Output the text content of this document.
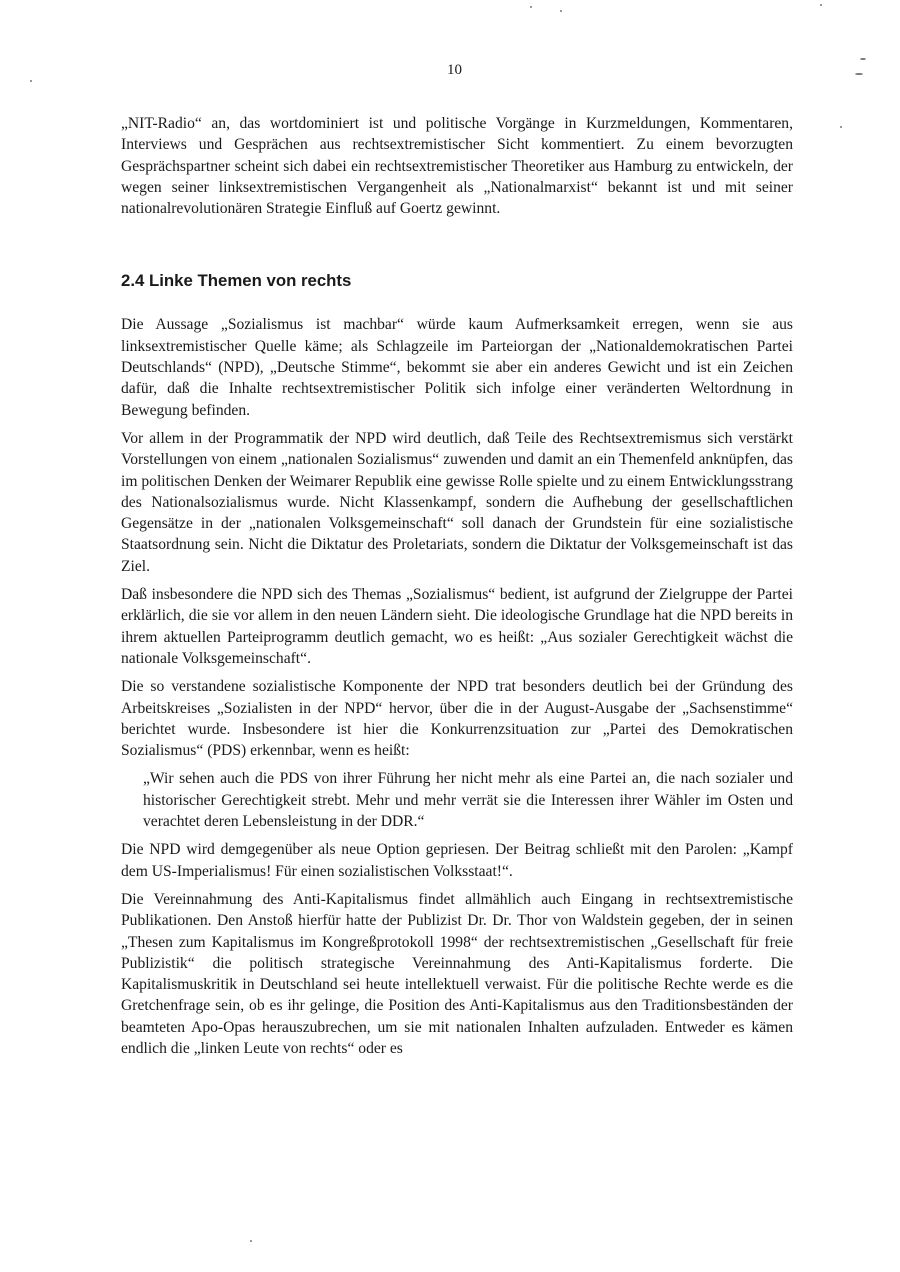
10

„NIT-Radio“ an, das wortdominiert ist und politische Vorgänge in Kurzmeldungen, Kommentaren, Interviews und Gesprächen aus rechtsextremistischer Sicht kommentiert. Zu einem bevorzugten Gesprächspartner scheint sich dabei ein rechtsextremistischer Theoretiker aus Hamburg zu entwickeln, der wegen seiner linksextremistischen Vergangenheit als „Nationalmarxist“ bekannt ist und mit seiner nationalrevolutionären Strategie Einfluß auf Goertz gewinnt.

2.4 Linke Themen von rechts

Die Aussage „Sozialismus ist machbar“ würde kaum Aufmerksamkeit erregen, wenn sie aus linksextremistischer Quelle käme; als Schlagzeile im Parteiorgan der „Nationaldemokratischen Partei Deutschlands“ (NPD), „Deutsche Stimme“, bekommt sie aber ein anderes Gewicht und ist ein Zeichen dafür, daß die Inhalte rechtsextremistischer Politik sich infolge einer veränderten Weltordnung in Bewegung befinden.

Vor allem in der Programmatik der NPD wird deutlich, daß Teile des Rechtsextremismus sich verstärkt Vorstellungen von einem „nationalen Sozialismus“ zuwenden und damit an ein Themenfeld anknüpfen, das im politischen Denken der Weimarer Republik eine gewisse Rolle spielte und zu einem Entwicklungsstrang des Nationalsozialismus wurde. Nicht Klassenkampf, sondern die Aufhebung der gesellschaftlichen Gegensätze in der „nationalen Volksgemeinschaft“ soll danach der Grundstein für eine sozialistische Staatsordnung sein. Nicht die Diktatur des Proletariats, sondern die Diktatur der Volksgemeinschaft ist das Ziel.

Daß insbesondere die NPD sich des Themas „Sozialismus“ bedient, ist aufgrund der Zielgruppe der Partei erklärlich, die sie vor allem in den neuen Ländern sieht. Die ideologische Grundlage hat die NPD bereits in ihrem aktuellen Parteiprogramm deutlich gemacht, wo es heißt: „Aus sozialer Gerechtigkeit wächst die nationale Volksgemeinschaft“.

Die so verstandene sozialistische Komponente der NPD trat besonders deutlich bei der Gründung des Arbeitskreises „Sozialisten in der NPD“ hervor, über die in der August-Ausgabe der „Sachsenstimme“ berichtet wurde. Insbesondere ist hier die Konkurrenzsituation zur „Partei des Demokratischen Sozialismus“ (PDS) erkennbar, wenn es heißt:

„Wir sehen auch die PDS von ihrer Führung her nicht mehr als eine Partei an, die nach sozialer und historischer Gerechtigkeit strebt. Mehr und mehr verrät sie die Interessen ihrer Wähler im Osten und verachtet deren Lebensleistung in der DDR.“

Die NPD wird demgegenüber als neue Option gepriesen. Der Beitrag schließt mit den Parolen: „Kampf dem US-Imperialismus! Für einen sozialistischen Volksstaat!“.

Die Vereinnahmung des Anti-Kapitalismus findet allmählich auch Eingang in rechtsextremistische Publikationen. Den Anstoß hierfür hatte der Publizist Dr. Dr. Thor von Waldstein gegeben, der in seinen „Thesen zum Kapitalismus im Kongreßprotokoll 1998“ der rechtsextremistischen „Gesellschaft für freie Publizistik“ die politisch strategische Vereinnahmung des Anti-Kapitalismus forderte. Die Kapitalismuskritik in Deutschland sei heute intellektuell verwaist. Für die politische Rechte werde es die Gretchenfrage sein, ob es ihr gelinge, die Position des Anti-Kapitalismus aus den Traditionsbeständen der beamteten Apo-Opas herauszubrechen, um sie mit nationalen Inhalten aufzuladen. Entweder es kämen endlich die „linken Leute von rechts“ oder es
